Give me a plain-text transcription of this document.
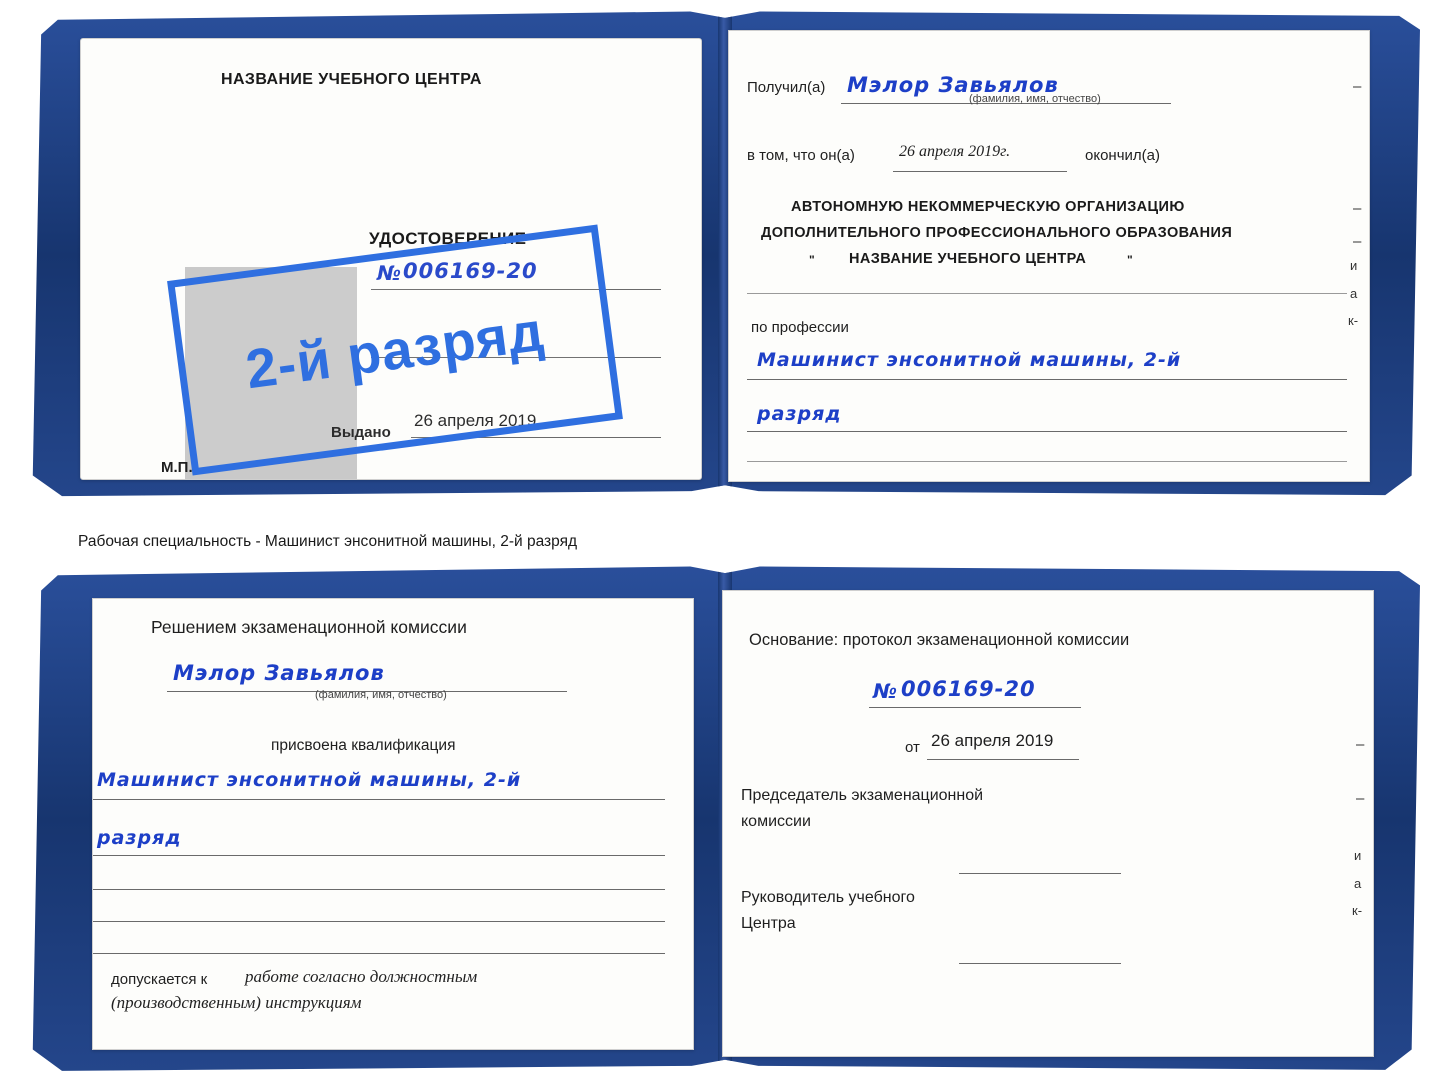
НАЗВАНИЕ УЧЕБНОГО ЦЕНТРА
УДОСТОВЕРЕНИЕ
№ 006169-20
Выдано
26 апреля 2019
М.П.
2-й разряд
Получил(а) Мэлор Завьялов
(фамилия, имя, отчество)
в том, что он(а)	26 апреля 2019г.	окончил(а)
АВТОНОМНУЮ НЕКОММЕРЧЕСКУЮ ОРГАНИЗАЦИЮ
ДОПОЛНИТЕЛЬНОГО ПРОФЕССИОНАЛЬНОГО ОБРАЗОВАНИЯ
" НАЗВАНИЕ УЧЕБНОГО ЦЕНТРА	"
по профессии
Машинист энсонитной машины, 2-й
разряд
–
–
–
и
а
к-
Рабочая специальность - Машинист энсонитной машины, 2-й разряд
Решением экзаменационной комиссии
Мэлор Завьялов
(фамилия, имя, отчество)
присвоена квалификация
Машинист энсонитной машины, 2-й
разряд
допускается к работе согласно должностным
(производственным) инструкциям
Основание: протокол экзаменационной комиссии
№ 006169-20
от 26 апреля 2019
Председатель экзаменационной
комиссии
Руководитель учебного
Центра
–
–
и
а
к-
